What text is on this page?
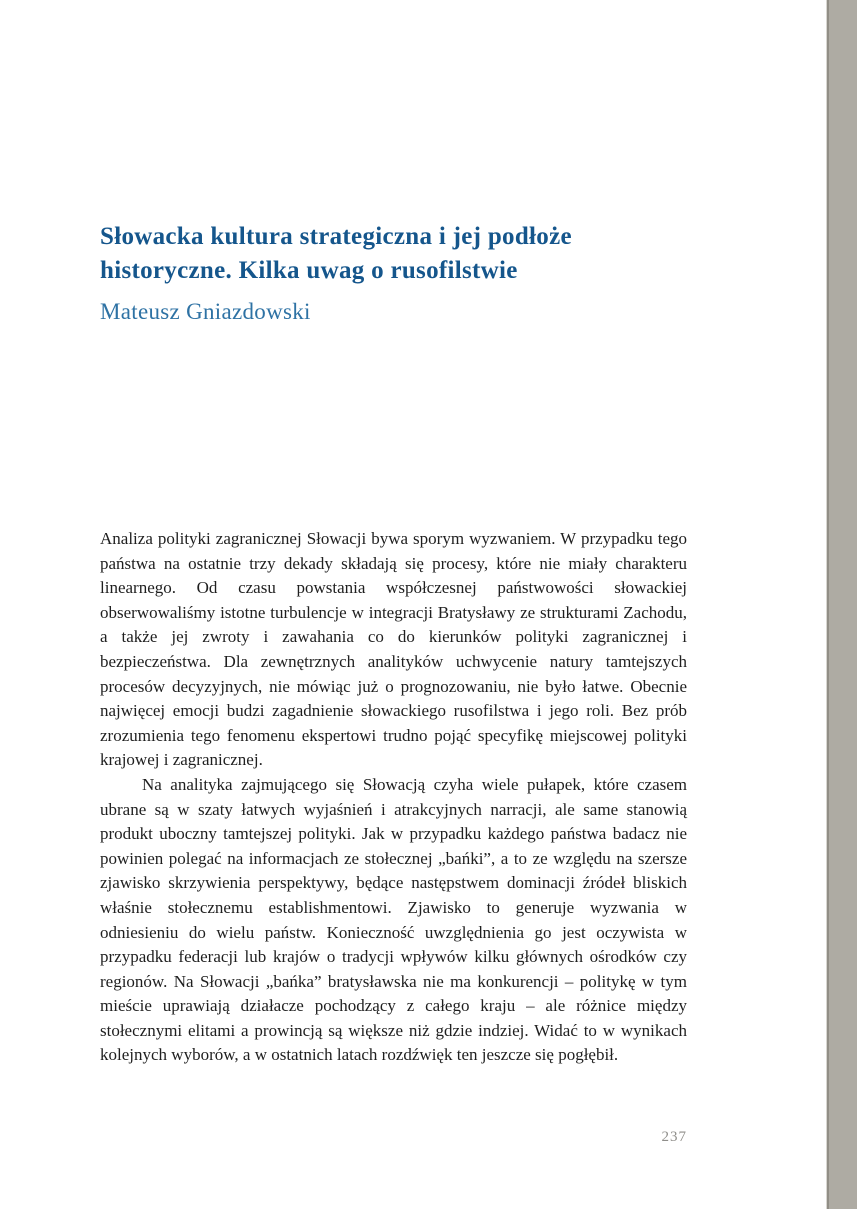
Słowacka kultura strategiczna i jej podłoże
historyczne. Kilka uwag o rusofilstwie
Mateusz Gniazdowski

Analiza polityki zagranicznej Słowacji bywa sporym wyzwaniem. W przypadku tego państwa na ostatnie trzy dekady składają się procesy, które nie miały charakteru linearnego. Od czasu powstania współczesnej państwowości słowackiej obserwowaliśmy istotne turbulencje w integracji Bratysławy ze strukturami Zachodu, a także jej zwroty i zawahania co do kierunków polityki zagranicznej i bezpieczeństwa. Dla zewnętrznych analityków uchwycenie natury tamtejszych procesów decyzyjnych, nie mówiąc już o prognozowaniu, nie było łatwe. Obecnie najwięcej emocji budzi zagadnienie słowackiego rusofilstwa i jego roli. Bez prób zrozumienia tego fenomenu ekspertowi trudno pojąć specyfikę miejscowej polityki krajowej i zagranicznej.

Na analityka zajmującego się Słowacją czyha wiele pułapek, które czasem ubrane są w szaty łatwych wyjaśnień i atrakcyjnych narracji, ale same stanowią produkt uboczny tamtejszej polityki. Jak w przypadku każdego państwa badacz nie powinien polegać na informacjach ze stołecznej „bańki”, a to ze względu na szersze zjawisko skrzywienia perspektywy, będące następstwem dominacji źródeł bliskich właśnie stołecznemu establishmentowi. Zjawisko to generuje wyzwania w odniesieniu do wielu państw. Konieczność uwzględnienia go jest oczywista w przypadku federacji lub krajów o tradycji wpływów kilku głównych ośrodków czy regionów. Na Słowacji „bańka” bratysławska nie ma konkurencji – politykę w tym mieście uprawiają działacze pochodzący z całego kraju – ale różnice między stołecznymi elitami a prowincją są większe niż gdzie indziej. Widać to w wynikach kolejnych wyborów, a w ostatnich latach rozdźwięk ten jeszcze się pogłębił.

237
